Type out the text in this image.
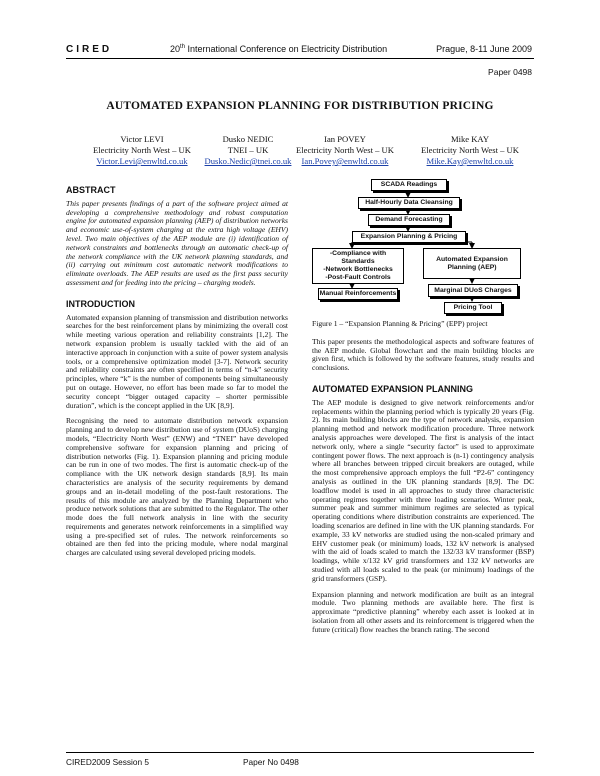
CIRED	20th International Conference on Electricity Distribution	Prague, 8-11 June 2009
Paper 0498
AUTOMATED EXPANSION PLANNING FOR DISTRIBUTION PRICING
Victor LEVI
Electricity North West – UK
Victor.Levi@enwltd.co.uk
Dusko NEDIC
TNEI – UK
Dusko.Nedic@tnei.co.uk
Ian POVEY
Electricity North West – UK
Ian.Povey@enwltd.co.uk
Mike KAY
Electricity North West – UK
Mike.Kay@enwltd.co.uk
ABSTRACT

This paper presents findings of a part of the software project aimed at developing a comprehensive methodology and robust computation engine for automated expansion planning (AEP) of distribution networks and economic use-of-system charging at the extra high voltage (EHV) level. Two main objectives of the AEP module are (i) identification of network constraints and bottlenecks through an automatic check-up of the network compliance with the UK network planning standards, and (ii) carrying out minimum cost automatic network modifications to eliminate overloads. The AEP results are used as the first pass security assessment and for feeding into the pricing – charging models.

INTRODUCTION

Automated expansion planning of transmission and distribution networks searches for the best reinforcement plans by minimizing the overall cost while meeting various operation and reliability constraints [1,2]. The network expansion problem is usually tackled with the aid of an interactive approach in conjunction with a suite of power system analysis tools, or a comprehensive optimization model [3-7]. Network security and reliability constraints are often specified in terms of “n-k” security principles, where “k” is the number of components being simultaneously put on outage. However, no effort has been made so far to model the security concept “bigger outaged capacity – shorter permissible duration”, which is the concept applied in the UK [8,9].

Recognising the need to automate distribution network expansion planning and to develop new distribution use of system (DUoS) charging models, “Electricity North West” (ENW) and “TNEI” have developed comprehensive software for expansion planning and pricing of distribution networks (Fig. 1). Expansion planning and pricing module can be run in one of two modes. The first is automatic check-up of the compliance with the UK network design standards [8,9]. Its main characteristics are analysis of the security requirements by demand groups and an in-detail modeling of the post-fault restorations. The results of this module are analyzed by the Planning Department who produce network solutions that are submitted to the Regulator. The other mode does the full network analysis in line with the security requirements and generates network reinforcements in a simplified way using a pre-specified set of rules. The network reinforcements so obtained are then fed into the pricing module, where nodal marginal charges are calculated using several developed pricing models.

SCADA Readings
Half-Hourly Data Cleansing
Demand Forecasting
Expansion Planning & Pricing
-Compliance with Standards
-Network Bottlenecks
-Post-Fault Controls
Automated Expansion
Planning (AEP)
Manual Reinforcements	Marginal DUoS Charges
Pricing Tool
Figure 1 – “Expansion Planning & Pricing” (EPP) project

This paper presents the methodological aspects and software features of the AEP module. Global flowchart and the main building blocks are given first, which is followed by the software features, study results and conclusions.

AUTOMATED EXPANSION PLANNING

The AEP module is designed to give network reinforcements and/or replacements within the planning period which is typically 20 years (Fig. 2). Its main building blocks are the type of network analysis, expansion planning method and network modification procedure. Three network analysis approaches were developed. The first is analysis of the intact network only, where a single “security factor” is used to approximate contingent power flows. The next approach is (n-1) contingency analysis where all branches between tripped circuit breakers are outaged, while the most comprehensive approach employs the full “P2-6” contingency analysis as outlined in the UK planning standards [8,9]. The DC loadflow model is used in all approaches to study three characteristic operating regimes together with three loading scenarios. Winter peak, summer peak and summer minimum regimes are selected as typical operating conditions where distribution constraints are experienced. The loading scenarios are defined in line with the UK planning standards. For example, 33 kV networks are studied using the non-scaled primary and EHV customer peak (or minimum) loads, 132 kV network is analysed with the aid of loads scaled to match the 132/33 kV transformer (BSP) loadings, while x/132 kV grid transformers and 132 kV networks are studied with all loads scaled to the peak (or minimum) loadings of the grid transformers (GSP).

Expansion planning and network modification are built as an integral module. Two planning methods are available here. The first is approximate “predictive planning” whereby each asset is looked at in isolation from all other assets and its reinforcement is triggered when the future (critical) flow reaches the branch rating. The second

CIRED2009 Session 5	Paper No 0498
